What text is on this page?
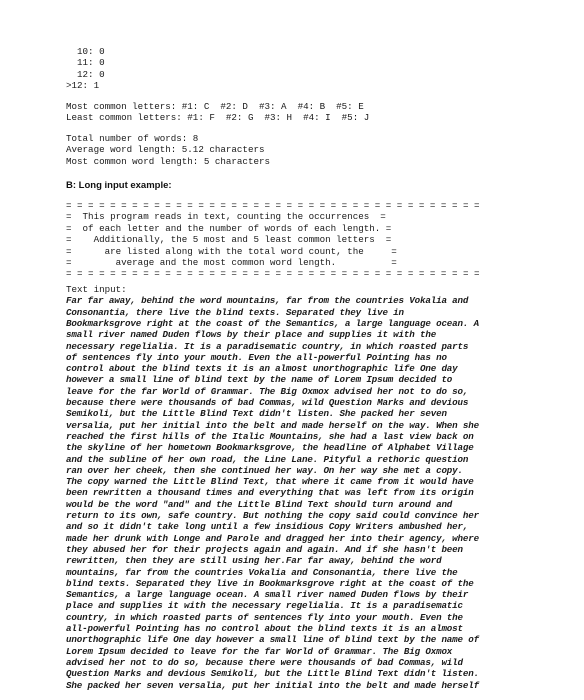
10: 0
11: 0
12: 0
>12: 1
Most common letters: #1: C  #2: D  #3: A  #4: B  #5: E
Least common letters: #1: F  #2: G  #3: H  #4: I  #5: J
Total number of words: 8
Average word length: 5.12 characters
Most common word length: 5 characters
B: Long input example:
= = = = = = = = = = = = = = = = = = = = = = = = = = = = = = = = = = = = = =
=  This program reads in text, counting the occurrences  =
=  of each letter and the number of words of each length. =
=    Additionally, the 5 most and 5 least common letters  =
=      are listed along with the total word count, the     =
=        average and the most common word length.          =
= = = = = = = = = = = = = = = = = = = = = = = = = = = = = = = = = = = = = =
Text input:
Far far away, behind the word mountains, far from the countries Vokalia and
Consonantia, there live the blind texts. Separated they live in
Bookmarksgrove right at the coast of the Semantics, a large language ocean. A
small river named Duden flows by their place and supplies it with the
necessary regelialia. It is a paradisematic country, in which roasted parts
of sentences fly into your mouth. Even the all-powerful Pointing has no
control about the blind texts it is an almost unorthographic life One day
however a small line of blind text by the name of Lorem Ipsum decided to
leave for the far World of Grammar. The Big Oxmox advised her not to do so,
because there were thousands of bad Commas, wild Question Marks and devious
Semikoli, but the Little Blind Text didn't listen. She packed her seven
versalia, put her initial into the belt and made herself on the way. When she
reached the first hills of the Italic Mountains, she had a last view back on
the skyline of her hometown Bookmarksgrove, the headline of Alphabet Village
and the subline of her own road, the Line Lane. Pityful a rethoric question
ran over her cheek, then she continued her way. On her way she met a copy.
The copy warned the Little Blind Text, that where it came from it would have
been rewritten a thousand times and everything that was left from its origin
would be the word "and" and the Little Blind Text should turn around and
return to its own, safe country. But nothing the copy said could convince her
and so it didn't take long until a few insidious Copy Writers ambushed her,
made her drunk with Longe and Parole and dragged her into their agency, where
they abused her for their projects again and again. And if she hasn't been
rewritten, then they are still using her.Far far away, behind the word
mountains, far from the countries Vokalia and Consonantia, there live the
blind texts. Separated they live in Bookmarksgrove right at the coast of the
Semantics, a large language ocean. A small river named Duden flows by their
place and supplies it with the necessary regelialia. It is a paradisematic
country, in which roasted parts of sentences fly into your mouth. Even the
all-powerful Pointing has no control about the blind texts it is an almost
unorthographic life One day however a small line of blind text by the name of
Lorem Ipsum decided to leave for the far World of Grammar. The Big Oxmox
advised her not to do so, because there were thousands of bad Commas, wild
Question Marks and devious Semikoli, but the Little Blind Text didn't listen.
She packed her seven versalia, put her initial into the belt and made herself
